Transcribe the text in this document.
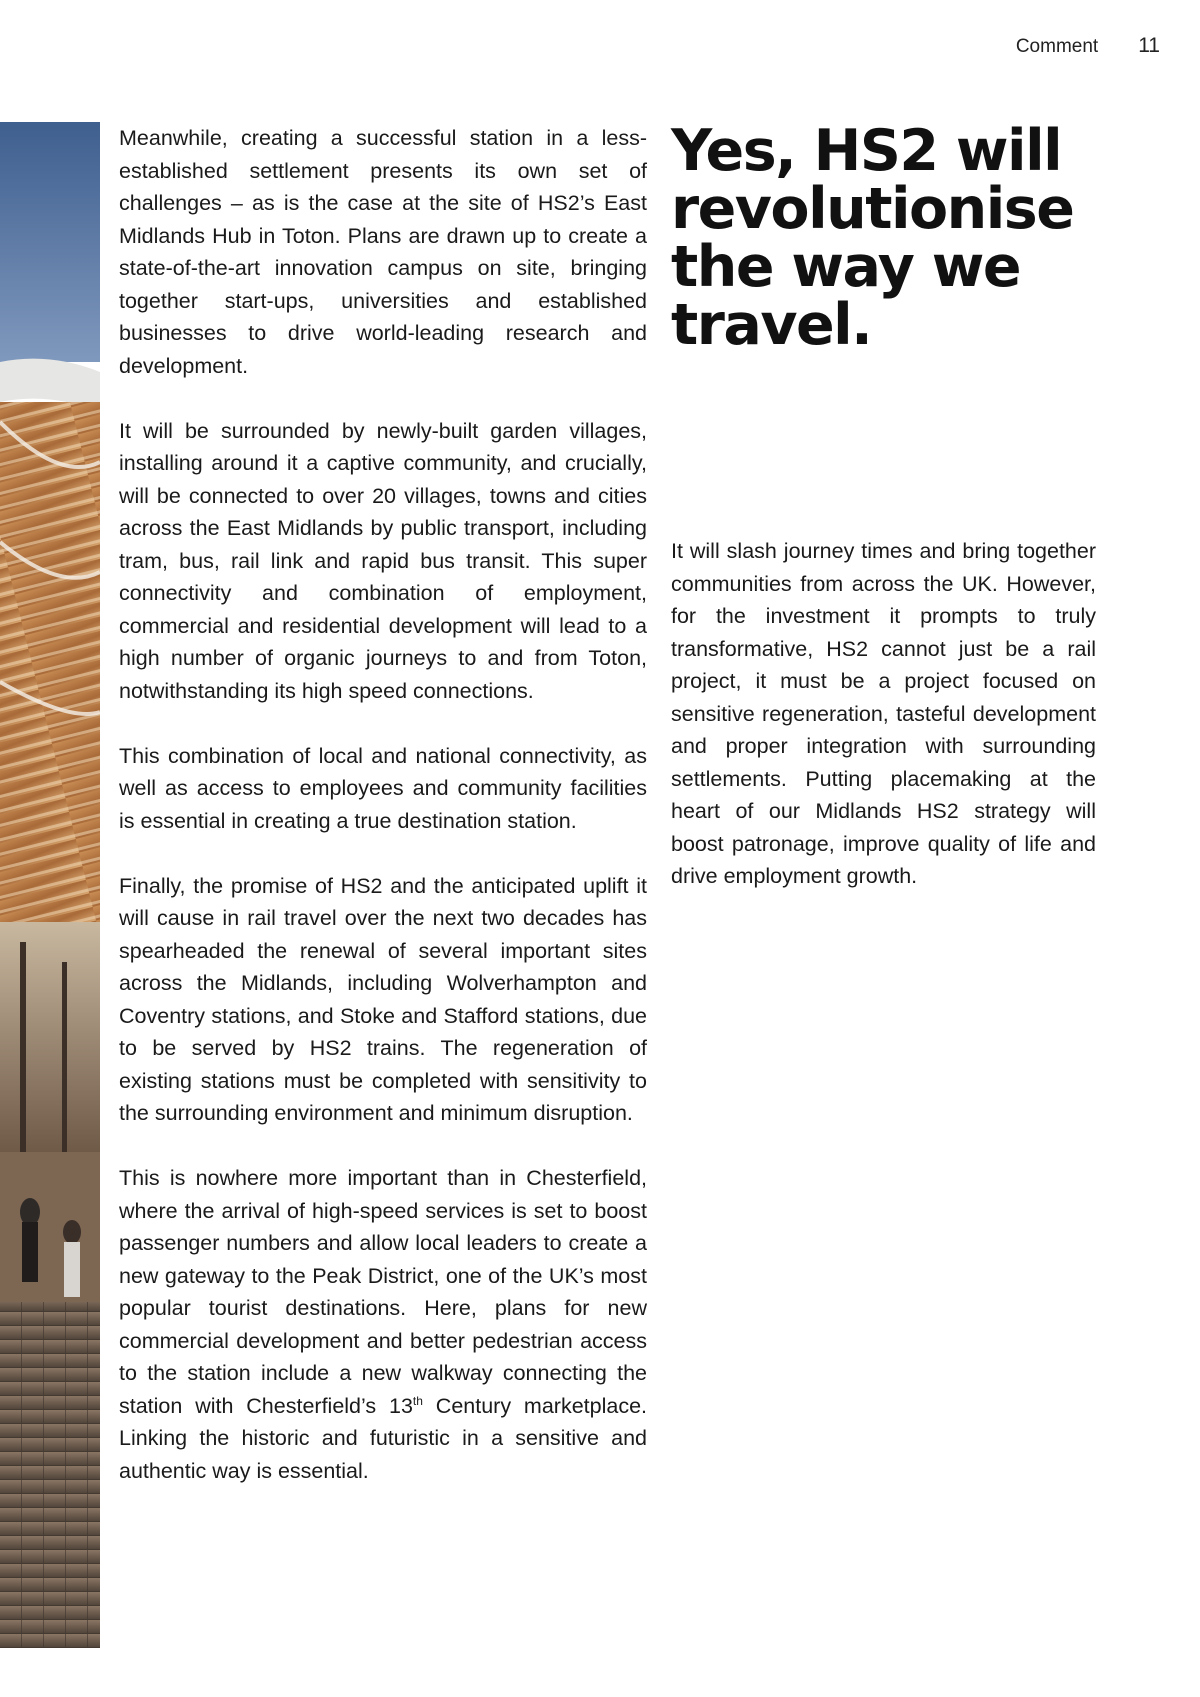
Comment 11

Meanwhile, creating a successful station in a less-established settlement presents its own set of challenges – as is the case at the site of HS2’s East Midlands Hub in Toton. Plans are drawn up to create a state-of-the-art innovation campus on site, bringing together start-ups, universities and established businesses to drive world-leading research and development.

It will be surrounded by newly-built garden villages, installing around it a captive community, and crucially, will be connected to over 20 villages, towns and cities across the East Midlands by public transport, including tram, bus, rail link and rapid bus transit. This super connectivity and combination of employment, commercial and residential development will lead to a high number of organic journeys to and from Toton, notwithstanding its high speed connections.

This combination of local and national connectivity, as well as access to employees and community facilities is essential in creating a true destination station.

Finally, the promise of HS2 and the anticipated uplift it will cause in rail travel over the next two decades has spearheaded the renewal of several important sites across the Midlands, including Wolverhampton and Coventry stations, and Stoke and Stafford stations, due to be served by HS2 trains. The regeneration of existing stations must be completed with sensitivity to the surrounding environment and minimum disruption.

This is nowhere more important than in Chesterfield, where the arrival of high-speed services is set to boost passenger numbers and allow local leaders to create a new gateway to the Peak District, one of the UK’s most popular tourist destinations. Here, plans for new commercial development and better pedestrian access to the station include a new walkway connecting the station with Chesterfield’s 13th Century marketplace. Linking the historic and futuristic in a sensitive and authentic way is essential.

Yes, HS2 will revolutionise the way we travel.

It will slash journey times and bring together communities from across the UK. However, for the investment it prompts to truly transformative, HS2 cannot just be a rail project, it must be a project focused on sensitive regeneration, tasteful development and proper integration with surrounding settlements. Putting placemaking at the heart of our Midlands HS2 strategy will boost patronage, improve quality of life and drive employment growth.
